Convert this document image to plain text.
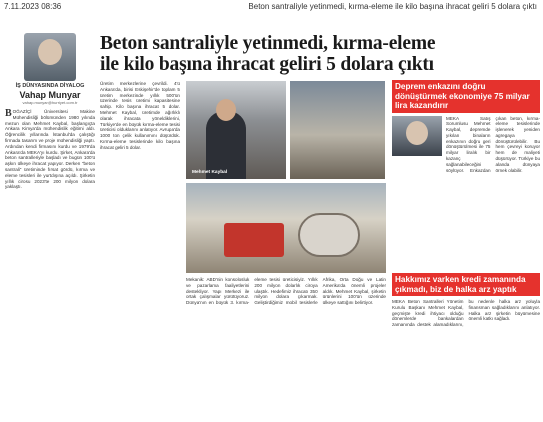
7.11.2023 08:36	Beton santraliyle yetinmedi, kırma-eleme ile kilo başına ihracat geliri 5 dolara çıktı
İŞ DÜNYASINDA DİYALOG
Vahap Munyar
vahap.munyar@hurriyet.com.tr
B OĞAZİÇİ Üniversitesi Makine Mühendisliği bölümünden 1980 yılında mezun olan Mehmet Kaybal, başlangıçta Ankara Kimya'da mühendislik eğitimi aldı. Öğrencilik yıllarında İstanbul'da çalıştığı firmada tasarım ve proje mühendisliği yaptı. Ardından kendi firmasını kurdu ve 1979'da Ankara'da MEKA'yı kurdu. Şirket, Ankara'da beton santralleriyle başladı ve bugün 100'ü aşkın ülkeye ihracat yapıyor. Derken "beton santrali" üretiminde fırsat gördü, kırma ve eleme tesisleri ile yurtdışına açıldı. Şirketin yıllık cirosu 2023'te 200 milyon dolara yaklaştı.
Beton santraliyle yetinmedi, kırma-eleme ile kilo başına ihracat geliri 5 dolara çıktı
Üretim merkezlerine çevrildi. 4'ü Ankara'da, birisi Eskişehir'de toplam 5 üretim merkezinde yıllık 500'ün üzerinde tesis üretimi kapasitesine sahip. Kilo başına ihracat 5 dolar. Mehmet Kaybal, üretimde ağırlıklı olarak ihracata yöneldiklerini, Türkiye'de en büyük kırma-eleme tesisi üreticisi olduklarını anlatıyor. Avrupa'da 1000 ton çelik kullanımını düşürdük. Kırma-eleme tesislerinde kilo başına ihracat geliri 5 dolar.
Mehmet Kaybal
Mekanik: ABD'nin konsolosluk ve pazarlama faaliyetlerini destekliyor. Yapı Merkezi ile ortak çalışmalar yürütüyoruz. Dünya'nın en büyük 3. kırma-eleme tesisi üreticisiyiz. Yıllık 200 milyon dolarlık ciroya ulaştık. Hedefimiz ihracatı 350 milyon dolara çıkarmak. Geliştirdiğimiz mobil tesislerle Afrika, Orta Doğu ve Latin Amerika'da önemli projeler aldık. Mehmet Kaybal, şirketin ürünlerini 100'ün üzerinde ülkeye sattığını belirtiyor.
Deprem enkazını doğru dönüştürmek ekonomiye 75 milyar lira kazandırır
MEKA Satış Sorumlusu Mehmet Kaybal, depremde yıkılan binaların enkazının doğru geri dönüştürülmesi ile 75 milyar liralık bir kazanç sağlanabileceğini söylüyor. Enkazdan çıkan beton, kırma-eleme tesislerinde işlenerek yeniden agregaya dönüştürülebilir. Bu hem çevreyi koruyor hem de maliyeti düşürüyor. Türkiye bu alanda dünyaya örnek olabilir.
Hakkımız varken kredi zamanında çıkmadı, biz de halka arz yaptık
MEKA Beton Santralleri Yönetim Kurulu Başkanı Mehmet Kaybal, geçmişte kredi ihtiyacı olduğu dönemlerde bankalardan zamanında destek alamadıklarını, bu nedenle halka arz yoluyla finansman sağladıklarını anlatıyor. Halka arz şirketin büyümesine önemli katkı sağladı.
